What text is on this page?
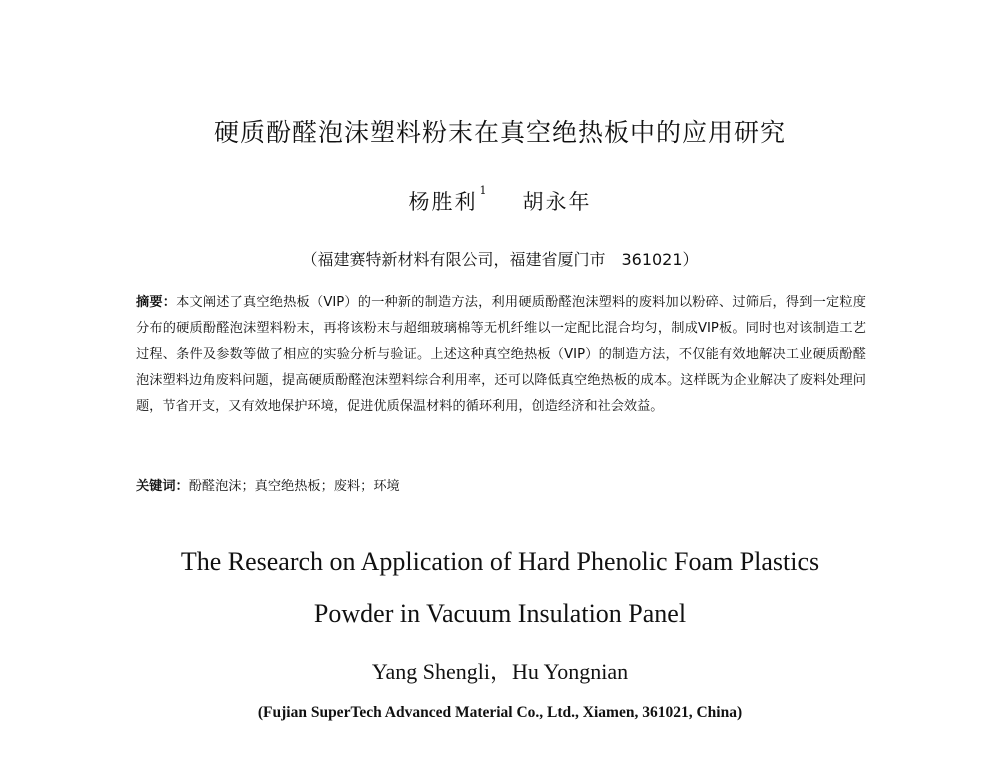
硬质酚醛泡沫塑料粉末在真空绝热板中的应用研究
杨胜利 $^1$ 胡永年
（福建赛特新材料有限公司，福建省厦门市　361021）
摘要：本文阐述了真空绝热板（VIP）的一种新的制造方法，利用硬质酚醛泡沫塑料的废料加以粉碎、过筛后，得到一定粒度分布的硬质酚醛泡沫塑料粉末，再将该粉末与超细玻璃棉等无机纤维以一定配比混合均匀，制成VIP板。同时也对该制造工艺过程、条件及参数等做了相应的实验分析与验证。上述这种真空绝热板（VIP）的制造方法，不仅能有效地解决工业硬质酚醛泡沫塑料边角废料问题，提高硬质酚醛泡沫塑料综合利用率，还可以降低真空绝热板的成本。这样既为企业解决了废料处理问题，节省开支，又有效地保护环境，促进优质保温材料的循环利用，创造经济和社会效益。
关键词：酚醛泡沫；真空绝热板；废料；环境
The Research on Application of Hard Phenolic Foam Plastics
Powder in Vacuum Insulation Panel
Yang Shengli，Hu Yongnian
(Fujian SuperTech Advanced Material Co., Ltd., Xiamen, 361021, China)
